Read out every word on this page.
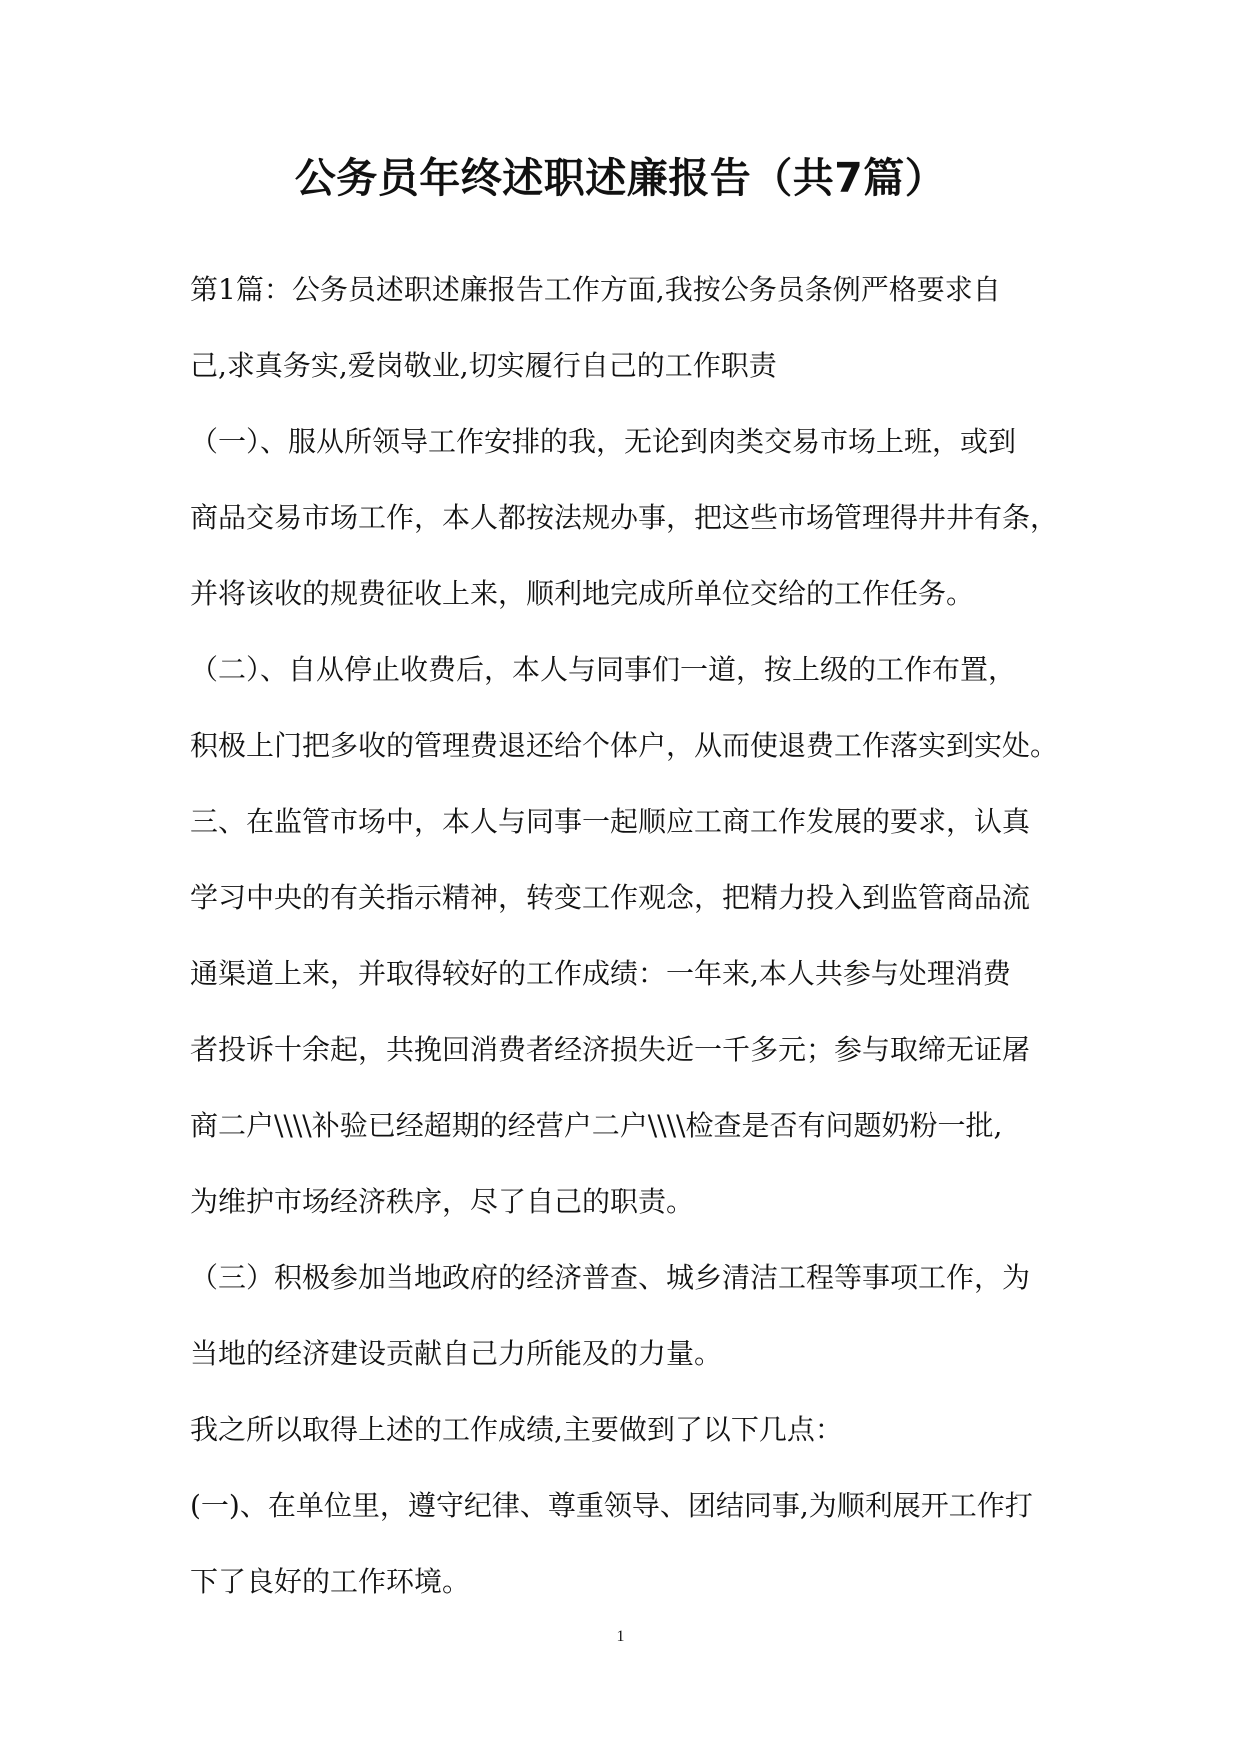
公务员年终述职述廉报告（共7篇）
第1篇：公务员述职述廉报告工作方面,我按公务员条例严格要求自
己,求真务实,爱岗敬业,切实履行自己的工作职责
（一）、服从所领导工作安排的我，无论到肉类交易市场上班，或到
商品交易市场工作，本人都按法规办事，把这些市场管理得井井有条，
并将该收的规费征收上来，顺利地完成所单位交给的工作任务。
（二）、自从停止收费后，本人与同事们一道，按上级的工作布置，
积极上门把多收的管理费退还给个体户，从而使退费工作落实到实处。
三、在监管市场中，本人与同事一起顺应工商工作发展的要求，认真
学习中央的有关指示精神，转变工作观念，把精力投入到监管商品流
通渠道上来，并取得较好的工作成绩：一年来,本人共参与处理消费
者投诉十余起，共挽回消费者经济损失近一千多元；参与取缔无证屠
商二户\\\\补验已经超期的经营户二户\\\\检查是否有问题奶粉一批,
为维护市场经济秩序，尽了自己的职责。
（三）积极参加当地政府的经济普查、城乡清洁工程等事项工作，为
当地的经济建设贡献自己力所能及的力量。
我之所以取得上述的工作成绩,主要做到了以下几点：
(一)、在单位里，遵守纪律、尊重领导、团结同事,为顺利展开工作打
下了良好的工作环境。
1
